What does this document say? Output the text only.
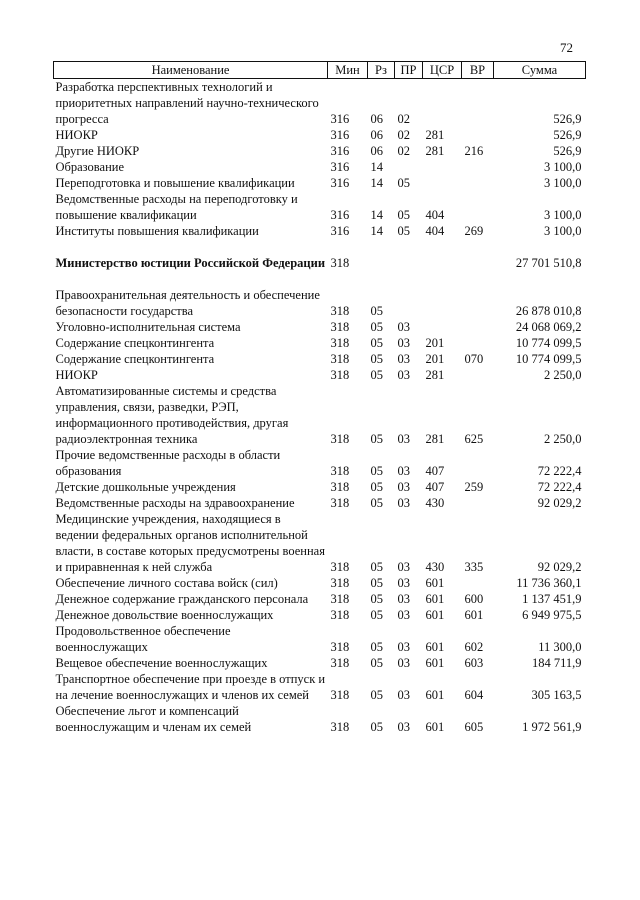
72
Наименование	Мин	Рз	ПР	ЦСР	ВР	Сумма
Разработка перспективных технологий и приоритетных направлений научно-технического прогресса	316	06	02			526,9
НИОКР	316	06	02	281		526,9
Другие НИОКР	316	06	02	281	216	526,9
Образование	316	14				3 100,0
Переподготовка и повышение квалификации	316	14	05			3 100,0
Ведомственные расходы на переподготовку и повышение квалификации	316	14	05	404		3 100,0
Институты повышения квалификации	316	14	05	404	269	3 100,0

Министерство юстиции Российской Федерации	318					27 701 510,8

Правоохранительная деятельность и обеспечение безопасности государства	318	05				26 878 010,8
Уголовно-исполнительная система	318	05	03			24 068 069,2
Содержание спецконтингента	318	05	03	201		10 774 099,5
Содержание спецконтингента	318	05	03	201	070	10 774 099,5
НИОКР	318	05	03	281		2 250,0
Автоматизированные системы и средства управления, связи, разведки, РЭП, информационного противодействия, другая радиоэлектронная техника	318	05	03	281	625	2 250,0
Прочие ведомственные расходы в области образования	318	05	03	407		72 222,4
Детские дошкольные учреждения	318	05	03	407	259	72 222,4
Ведомственные расходы на здравоохранение	318	05	03	430		92 029,2
Медицинские учреждения, находящиеся в ведении федеральных органов исполнительной власти, в составе которых предусмотрены военная и приравненная к ней служба	318	05	03	430	335	92 029,2
Обеспечение личного состава войск (сил)	318	05	03	601		11 736 360,1
Денежное содержание гражданского персонала	318	05	03	601	600	1 137 451,9
Денежное довольствие военнослужащих	318	05	03	601	601	6 949 975,5
Продовольственное обеспечение военнослужащих	318	05	03	601	602	11 300,0
Вещевое обеспечение военнослужащих	318	05	03	601	603	184 711,9
Транспортное обеспечение при проезде в отпуск и на лечение военнослужащих и членов их семей	318	05	03	601	604	305 163,5
Обеспечение льгот и компенсаций военнослужащим и членам их семей	318	05	03	601	605	1 972 561,9
